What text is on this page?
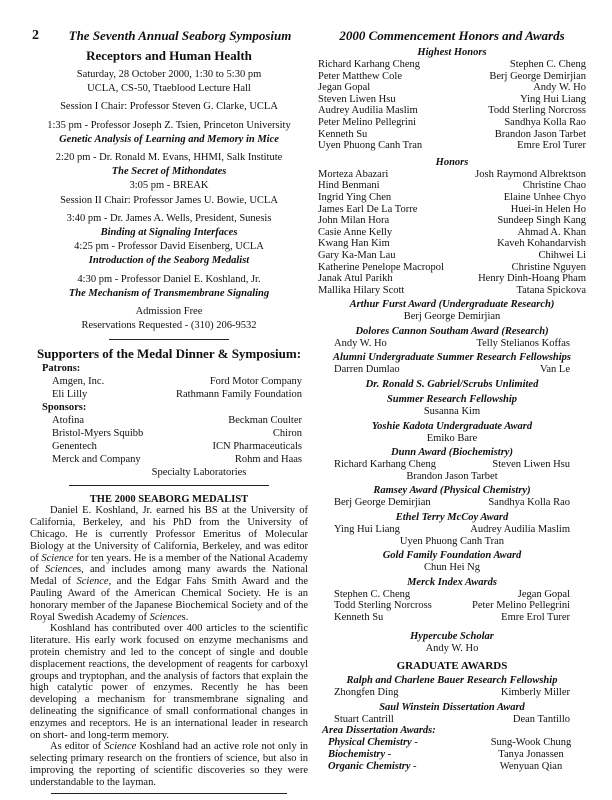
2	The Seventh Annual Seaborg Symposium
Receptors and Human Health
Saturday, 28 October 2000, 1:30 to 5:30 pm
UCLA, CS-50, Ttaeblood Lecture Hall
Session I Chair: Professor Steven G. Clarke, UCLA
1:35 pm - Professor Joseph Z. Tsien, Princeton University
Genetic Analysis of Learning and Memory in Mice
2:20 pm - Dr. Ronald M. Evans, HHMI, Salk Institute
The Secret of Mithondates
3:05 pm - BREAK
Session II Chair: Professor James U. Bowie, UCLA
3:40 pm - Dr. James A. Wells, President, Sunesis
Binding at Signaling Interfaces
4:25 pm - Professor David Eisenberg, UCLA
Introduction of the Seaborg Medalist
4:30 pm - Professor Daniel E. Koshland, Jr.
The Mechanism of Transmembrane Signaling
Admission Free
Reservations Requested - (310) 206-9532
Supporters of the Medal Dinner & Symposium:
Patrons:
Amgen, Inc.	Ford Motor Company
Eli Lilly	Rathmann Family Foundation
Sponsors:
Atofina	Beckman Coulter
Bristol-Myers Squibb	Chiron
Genentech	ICN Pharmaceuticals
Merck and Company	Rohm and Haas
Specialty Laboratories
THE 2000 SEABORG MEDALIST

Daniel E. Koshland, Jr. earned his BS at the University of California, Berkeley, and his PhD from the University of Chicago. He is currently Professor Emeritus of Molecular Biology at the University of California, Berkeley, and was editor of Science for ten years. He is a member of the National Academy of Sciences, and includes among many awards the National Medal of Science, and the Edgar Fahs Smith Award and the Pauling Award of the American Chemical Society. He is an honorary member of the Japanese Biochemical Society and of the Royal Swedish Academy of Sciences.

Koshland has contributed over 400 articles to the scientific literature. His early work focused on enzyme mechanisms and protein chemistry and led to the concept of single and double displacement reactions, the development of reagents for carboxyl groups and tryptophan, and the analysis of factors that explain the high catalytic power of enzymes. Recently he has been developing a mechanism for transmembrane signaling and delineating the significance of small conformational changes in enzymes and receptors. He is an international leader in research on short- and long-term memory.

As editor of Science Koshland had an active role not only in selecting primary research on the frontiers of science, but also in improving the reporting of scientific discoveries so they were understandable to the layman.

2000 Commencement Honors and Awards
Highest Honors
Richard Karhang Cheng	Stephen C. Cheng
Peter Matthew Cole	Berj George Demirjian
Jegan Gopal	Andy W. Ho
Steven Liwen Hsu	Ying Hui Liang
Audrey Audilia Maslim	Todd Sterling Norcross
Peter Melino Pellegrini	Sandhya Kolla Rao
Kenneth Su	Brandon Jason Tarbet
Uyen Phuong Canh Tran	Emre Erol Turer
Honors
Morteza Abazari	Josh Raymond Albrektson
Hind Benmani	Christine Chao
Ingrid Ying Chen	Elaine Unhee Chyo
James Earl De La Torre	Huei-in Helen Ho
John Milan Hora	Sundeep Singh Kang
Casie Anne Kelly	Ahmad A. Khan
Kwang Han Kim	Kaveh Kohandarvish
Gary Ka-Man Lau	Chihwei Li
Katherine Penelope Macropol	Christine Nguyen
Janak Atul Parikh	Henry Dinh-Hoang Pham
Mallika Hilary Scott	Tatana Spickova
Arthur Furst Award (Undergraduate Research)
Berj George Demirjian
Dolores Cannon Southam Award (Research)
Andy W. Ho	Telly Stelianos Koffas
Alumni Undergraduate Summer Research Fellowships
Darren Dumlao	Van Le
Dr. Ronald S. Gabriel/Scrubs Unlimited
Summer Research Fellowship
Susanna Kim
Yoshie Kadota Undergraduate Award
Emiko Bare
Dunn Award (Biochemistry)
Richard Karhang Cheng	Steven Liwen Hsu
Brandon Jason Tarbet
Ramsey Award (Physical Chemistry)
Berj George Demirjian	Sandhya Kolla Rao
Ethel Terry McCoy Award
Ying Hui Liang	Audrey Audilia Maslim
Uyen Phuong Canh Tran
Gold Family Foundation Award
Chun Hei Ng
Merck Index Awards
Stephen C. Cheng	Jegan Gopal
Todd Sterling Norcross	Peter Melino Pellegrini
Kenneth Su	Emre Erol Turer
Hypercube Scholar
Andy W. Ho
GRADUATE AWARDS
Ralph and Charlene Bauer Research Fellowship
Zhongfen Ding	Kimberly Miller
Saul Winstein Dissertation Award
Stuart Cantrill	Dean Tantillo
Area Dissertation Awards:
Physical Chemistry -	Sung-Wook Chung
Biochemistry -	Tanya Jonassen
Organic Chemistry -	Wenyuan Qian
